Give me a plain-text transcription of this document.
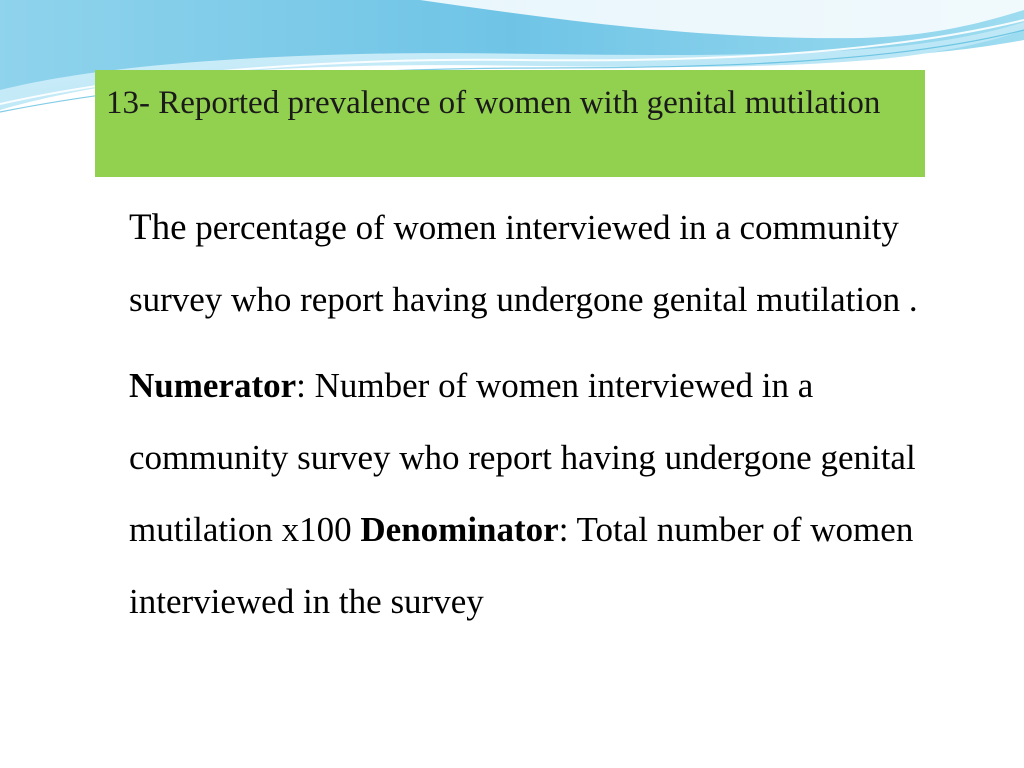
13- Reported prevalence of women with genital mutilation

The percentage of women interviewed in a community survey who report having undergone genital mutilation .

Numerator: Number of women interviewed in a community survey who report having undergone genital mutilation x100 Denominator: Total number of women interviewed in the survey
